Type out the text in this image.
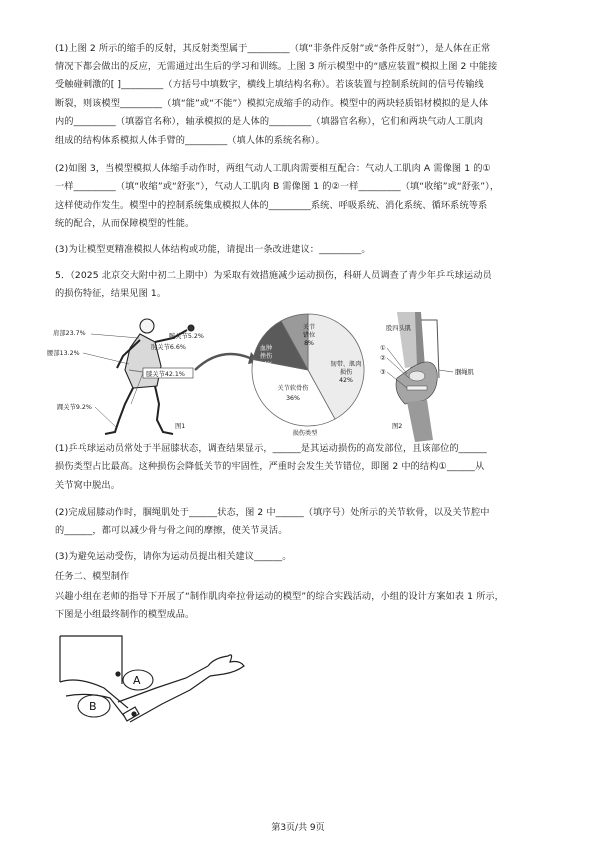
(1)上图 2 所示的缩手的反射，其反射类型属于_________（填“非条件反射”或“条件反射”），是人体在正常

情况下都会做出的反应，无需通过出生后的学习和训练。上图 3 所示模型中的“感应装置”模拟上图 2 中能接

受触碰刺激的[ ]_________（方括号中填数字，横线上填结构名称）。若该装置与控制系统间的信号传输线

断裂，则该模型_________（填“能”或“不能”）模拟完成缩手的动作。模型中的两块轻质铝材模拟的是人体

内的_________（填器官名称），轴承模拟的是人体的_________（填器官名称），它们和两块气动人工肌肉

组成的结构体系模拟人体手臂的_________（填人体的系统名称）。

(2)如图 3，当模型模拟人体缩手动作时，两组气动人工肌肉需要相互配合：气动人工肌肉 A 需像图 1 的①

一样_________（填“收缩”或“舒张”），气动人工肌肉 B 需像图 1 的②一样_________（填“收缩”或“舒张”），

这样使动作发生。模型中的控制系统集成模拟人体的_________系统、呼吸系统、消化系统、循环系统等系

统的配合，从而保障模型的性能。

(3)为让模型更精准模拟人体结构或功能，请提出一条改进建议：_________。

5．（2025 北京交大附中初二上期中）为采取有效措施减少运动损伤，科研人员调查了青少年乒乓球运动员

的损伤特征，结果见图 1。

肩部23.7%
腰部13.2%
腕关节5.2%
肘关节6.6%
膝关节42.1%
踝关节9.2%
图1
韧带、肌肉
损伤
42%
关节软骨伤
36%
血肿
挫伤
14%
关节
错位
8%
损伤类型
股四头肌
腘绳肌
①
②
③
图2

(1)乒乓球运动员常处于半屈膝状态，调查结果显示，______是其运动损伤的高发部位，且该部位的______

损伤类型占比最高。这种损伤会降低关节的牢固性，严重时会发生关节错位，即图 2 中的结构①______从

关节窝中脱出。

(2)完成屈膝动作时，腘绳肌处于______状态，图 2 中______（填序号）处所示的关节软骨，以及关节腔中

的______，都可以减少骨与骨之间的摩擦，使关节灵活。

(3)为避免运动受伤，请你为运动员提出相关建议______。

任务二、模型制作

兴趣小组在老师的指导下开展了“制作肌肉牵拉骨运动的模型”的综合实践活动，小组的设计方案如表 1 所示，

下图是小组最终制作的模型成品。

A
B
第3页/共 9页
